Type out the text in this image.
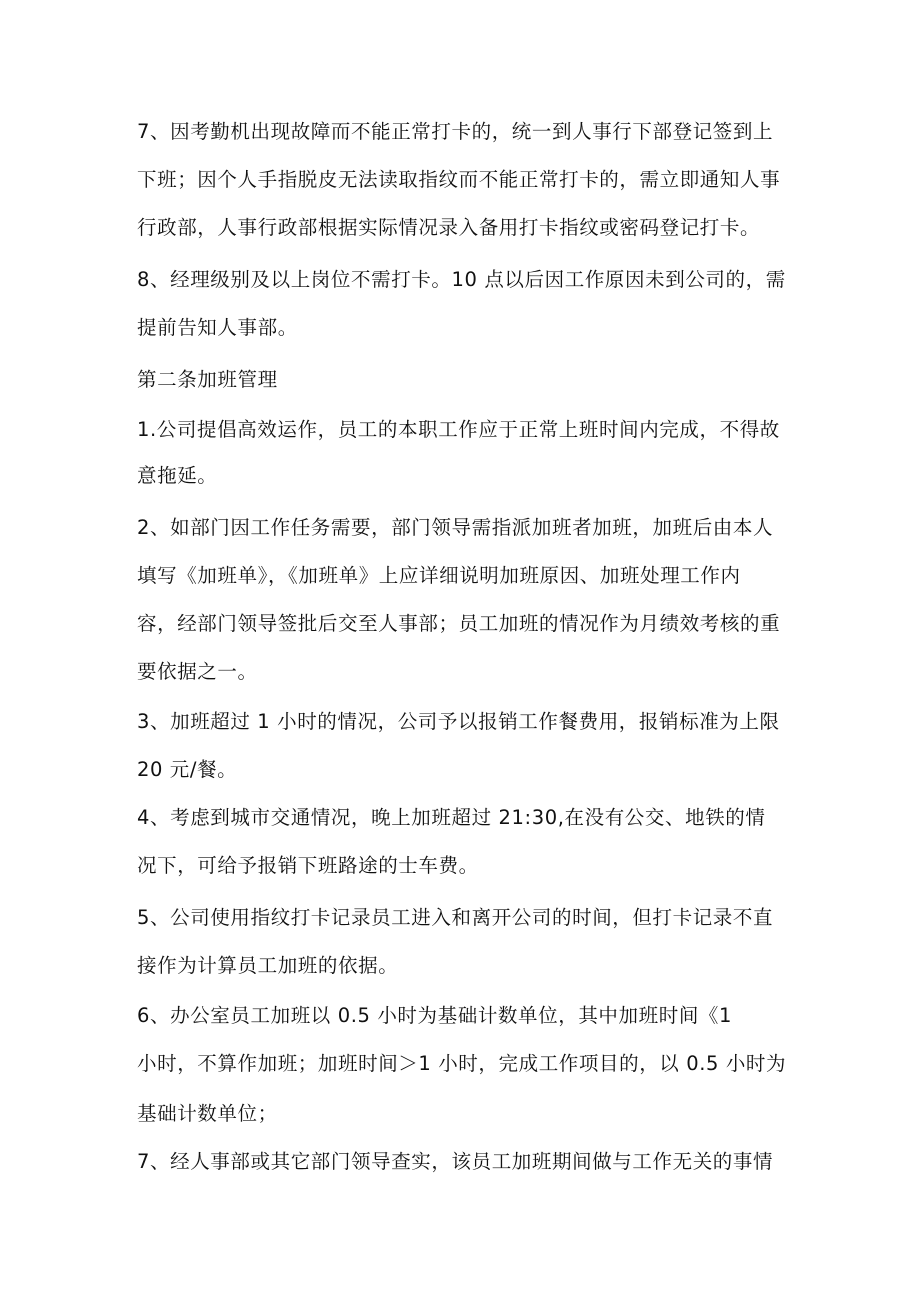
7、因考勤机出现故障而不能正常打卡的，统一到人事行下部登记签到上
下班；因个人手指脱皮无法读取指纹而不能正常打卡的，需立即通知人事
行政部，人事行政部根据实际情况录入备用打卡指纹或密码登记打卡。
8、经理级别及以上岗位不需打卡。10 点以后因工作原因未到公司的，需
提前告知人事部。
第二条加班管理
1.公司提倡高效运作，员工的本职工作应于正常上班时间内完成，不得故
意拖延。
2、如部门因工作任务需要，部门领导需指派加班者加班，加班后由本人
填写《加班单》，《加班单》上应详细说明加班原因、加班处理工作内
容，经部门领导签批后交至人事部；员工加班的情况作为月绩效考核的重
要依据之一。
3、加班超过 1 小时的情况，公司予以报销工作餐费用，报销标准为上限
20 元/餐。
4、考虑到城市交通情况，晚上加班超过 21:30,在没有公交、地铁的情
况下，可给予报销下班路途的士车费。
5、公司使用指纹打卡记录员工进入和离开公司的时间，但打卡记录不直
接作为计算员工加班的依据。
6、办公室员工加班以 0.5 小时为基础计数单位，其中加班时间《1
小时，不算作加班；加班时间＞1 小时，完成工作项目的，以 0.5 小时为
基础计数单位；
7、经人事部或其它部门领导查实，该员工加班期间做与工作无关的事情
